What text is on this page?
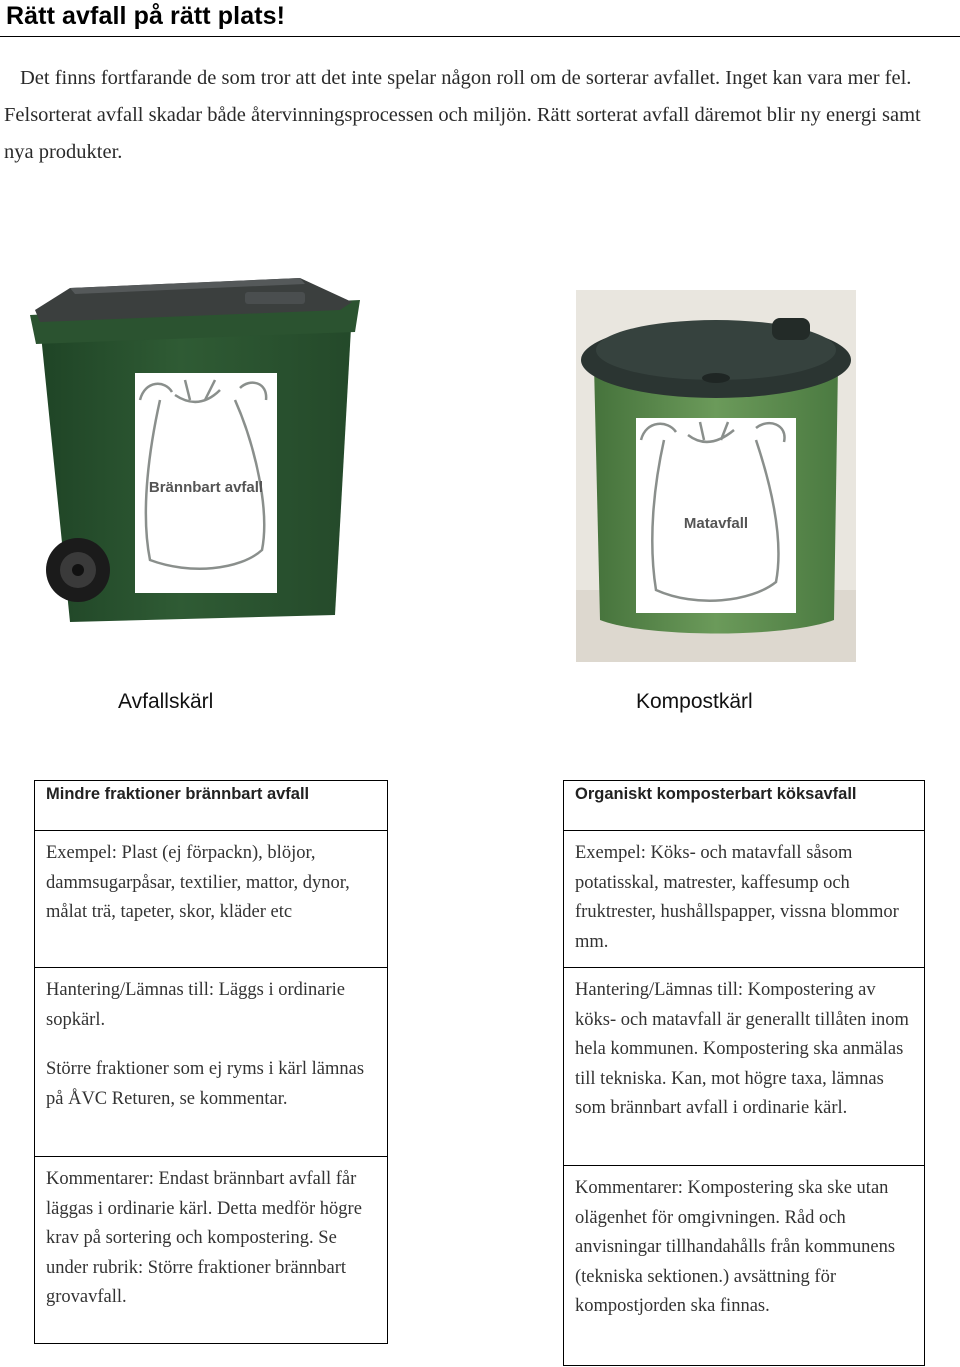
Rätt avfall på rätt plats!

Det finns fortfarande de som tror att det inte spelar någon roll om de sorterar avfallet. Inget kan vara mer fel. Felsorterat avfall skadar både återvinningsprocessen och miljön. Rätt sorterat avfall däremot blir ny energi samt nya produkter.

Brännbart avfall
Matavfall
Avfallskärl	Kompostkärl
Mindre fraktioner brännbart avfall

Exempel: Plast (ej förpackn), blöjor, dammsugarpåsar, textilier, mattor, dynor, målat trä, tapeter, skor, kläder etc

Hantering/Lämnas till: Läggs i ordinarie sopkärl.

Större fraktioner som ej ryms i kärl lämnas på ÅVC Returen, se kommentar.

Kommentarer: Endast brännbart avfall får läggas i ordinarie kärl. Detta medför högre krav på sortering och kompostering. Se under rubrik: Större fraktioner brännbart grovavfall.

Organiskt komposterbart köksavfall

Exempel: Köks- och matavfall såsom potatisskal, matrester, kaffesump och fruktrester, hushållspapper, vissna blommor mm.

Hantering/Lämnas till: Kompostering av köks- och matavfall är generallt tillåten inom hela kommunen. Kompostering ska anmälas till tekniska. Kan, mot högre taxa, lämnas som brännbart avfall i ordinarie kärl.

Kommentarer: Kompostering ska ske utan olägenhet för omgivningen. Råd och anvisningar tillhandahålls från kommunens (tekniska sektionen.) avsättning för kompostjorden ska finnas.
